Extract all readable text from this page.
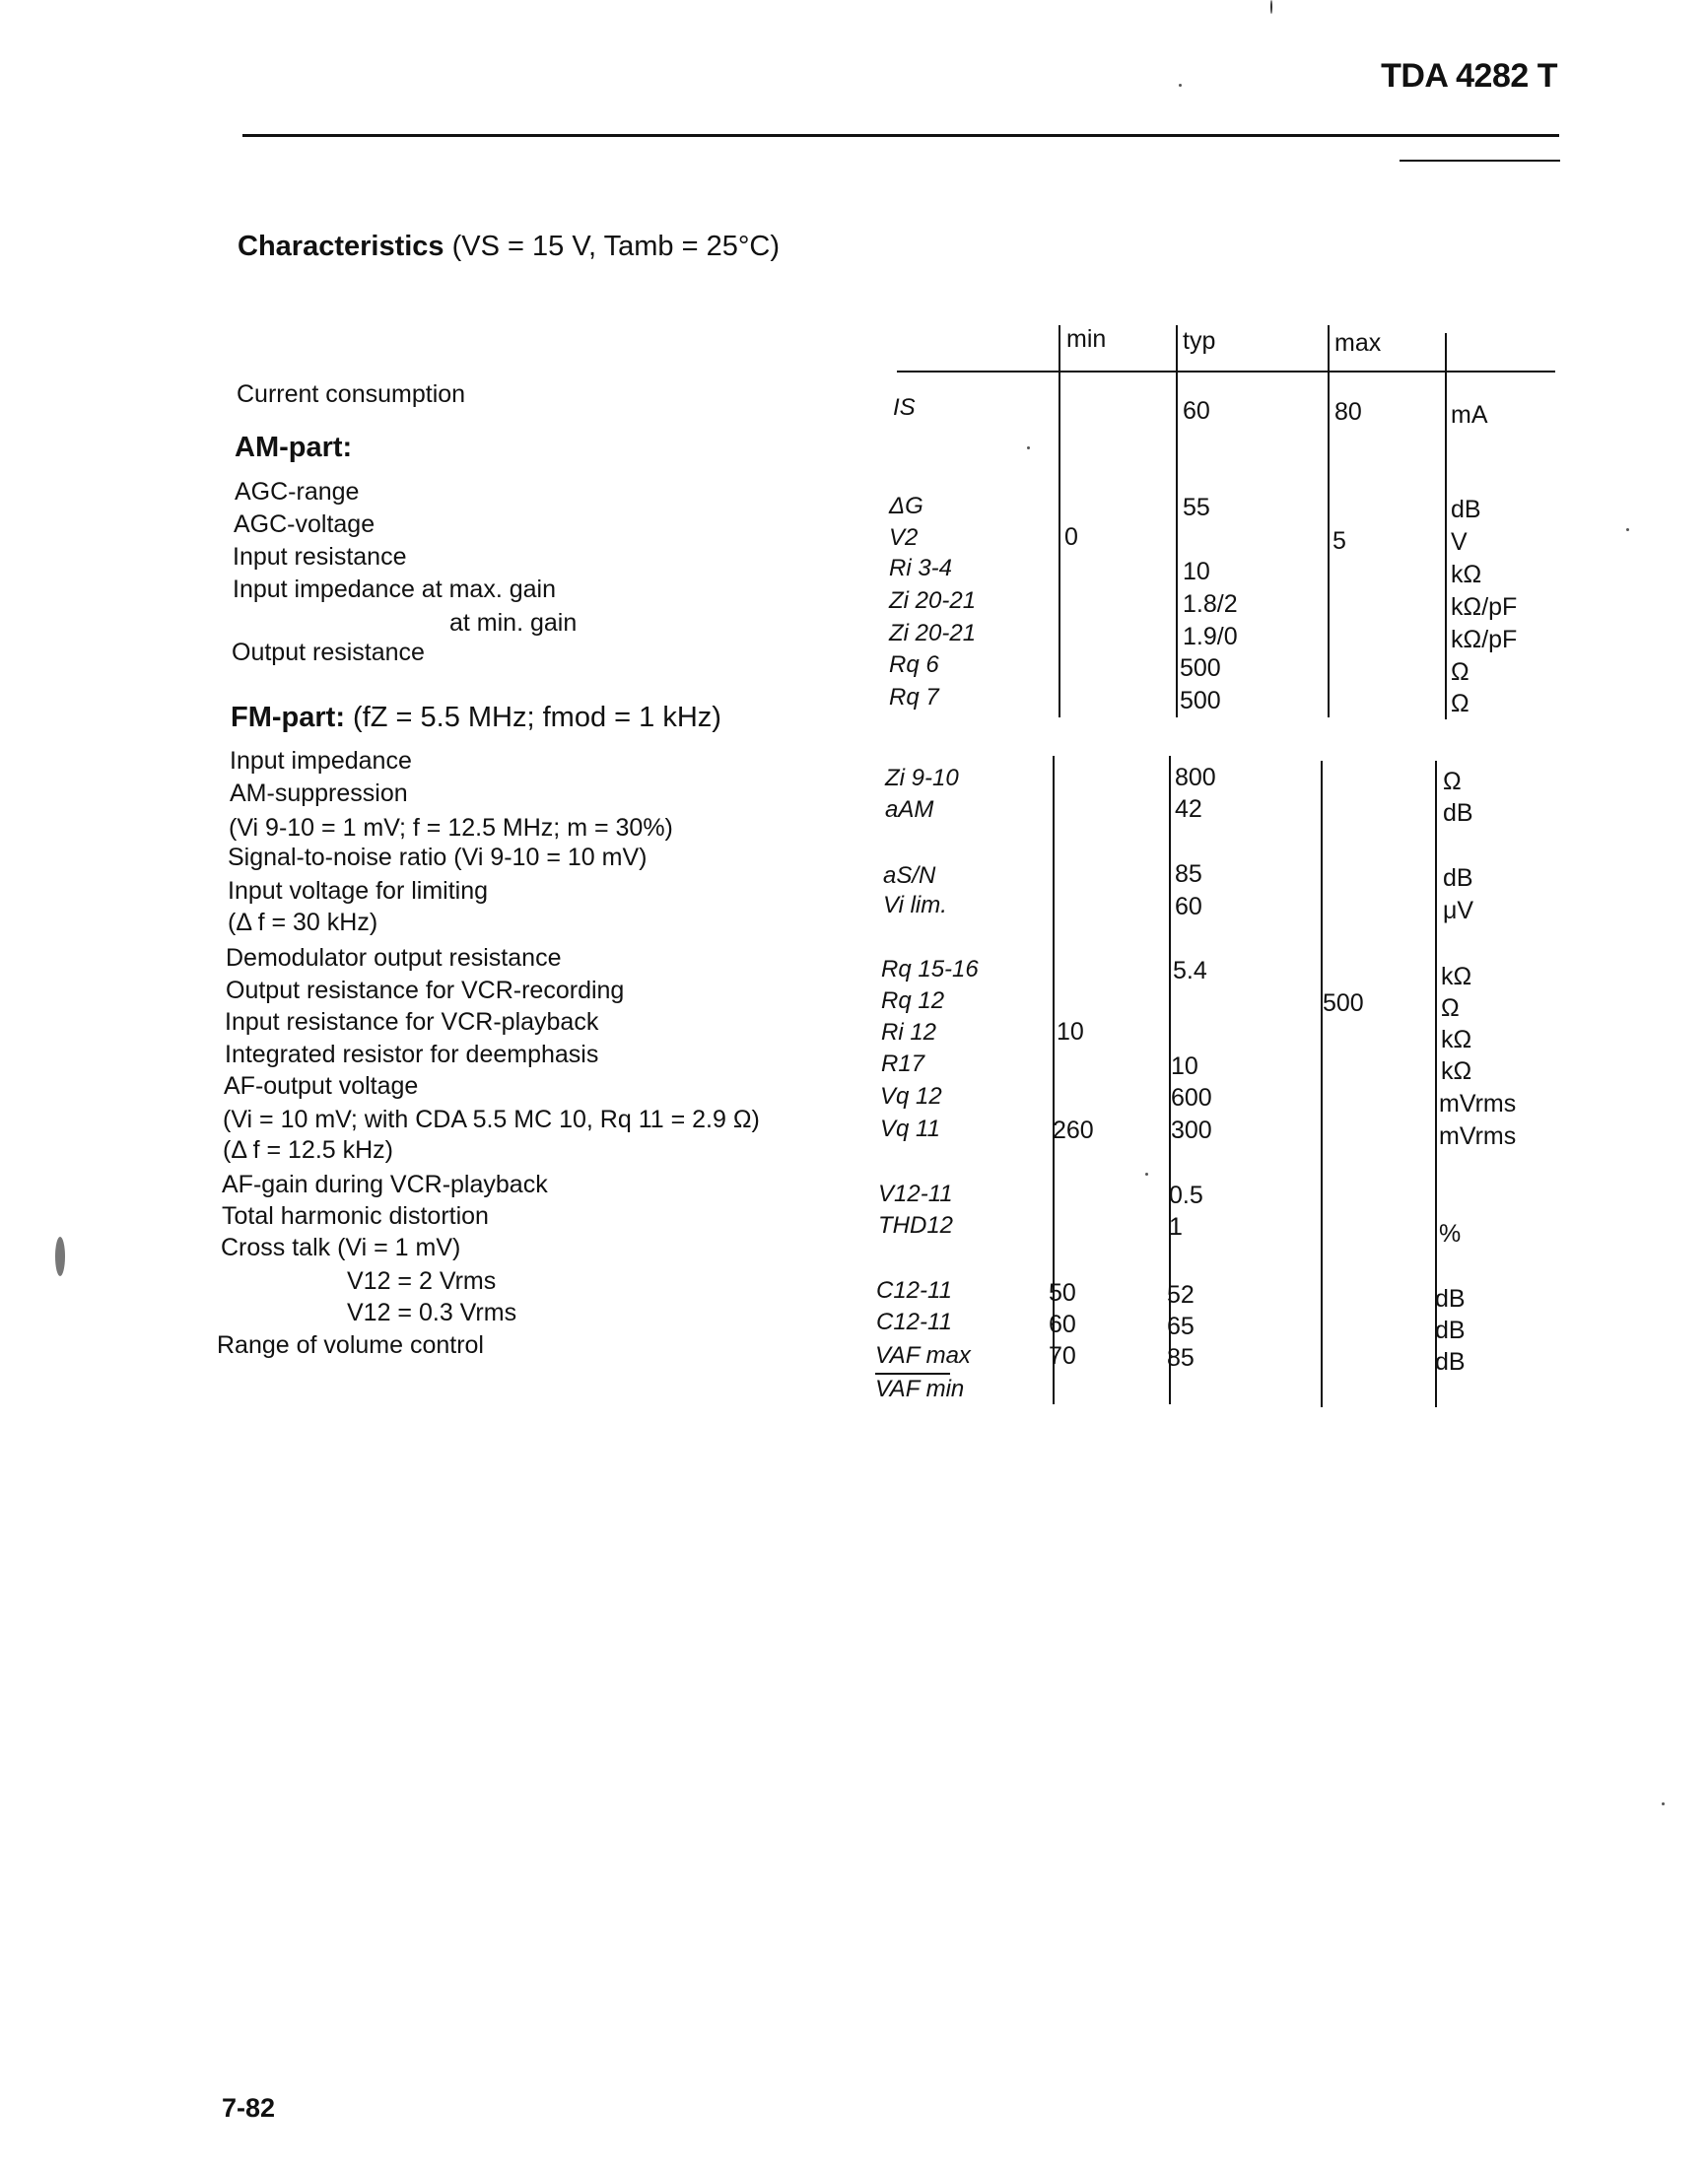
TDA 4282 T
Characteristics (VS = 15 V, Tamb = 25°C)
min	typ	max
Current consumption
AM-part:
AGC-range
AGC-voltage
Input resistance
Input impedance at max. gain
at min. gain
Output resistance
FM-part: (fZ = 5.5 MHz; fmod = 1 kHz)
Input impedance
AM-suppression
(Vi 9-10 = 1 mV; f = 12.5 MHz; m = 30%)
Signal-to-noise ratio (Vi 9-10 = 10 mV)
Input voltage for limiting
(Δ f = 30 kHz)
Demodulator output resistance
Output resistance for VCR-recording
Input resistance for VCR-playback
Integrated resistor for deemphasis
AF-output voltage
(Vi = 10 mV; with CDA 5.5 MC 10, Rq 11 = 2.9 Ω)
(Δ f = 12.5 kHz)
AF-gain during VCR-playback
Total harmonic distortion
Cross talk (Vi = 1 mV)
V12 = 2 Vrms
V12 = 0.3 Vrms
Range of volume control
IS
ΔG
V2
Ri 3-4
Zi 20-21
Zi 20-21
Rq 6
Rq 7
Zi 9-10
aAM
aS/N
Vi lim.
Rq 15-16
Rq 12
Ri 12
R17
Vq 12
Vq 11
V12-11
THD12
C12-11
C12-11
VAF max
VAF min
0
10
260
50
60
70
60
55
10
1.8/2
1.9/0
500
500
800
42
85
60
5.4
10
600
300
0.5
1
52
65
85
80
5
500
mA
dB
V
kΩ
kΩ/pF
kΩ/pF
Ω
Ω
Ω
dB
dB
μV
kΩ
Ω
kΩ
kΩ
mVrms
mVrms
%
dB
dB
dB
7-82
